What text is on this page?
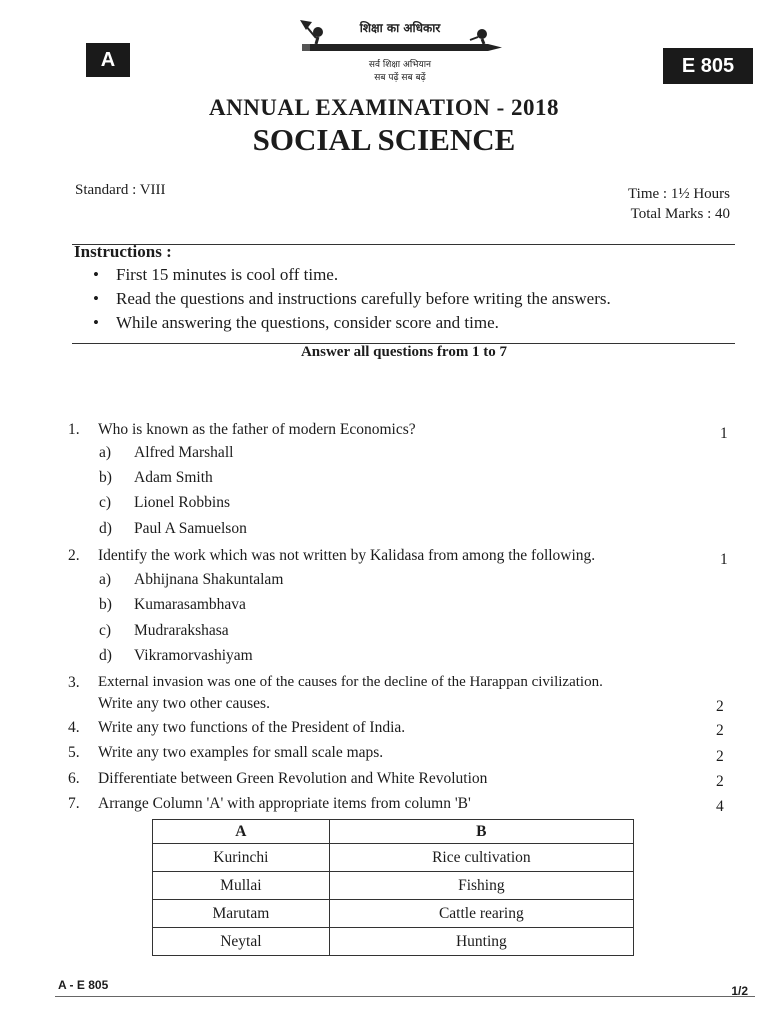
A	E 805
शिक्षा का अधिकार
सर्व शिक्षा अभियान
सब पढ़ें सब बढ़ें
ANNUAL EXAMINATION - 2018
SOCIAL SCIENCE
Standard : VIII	Time : 1½ Hours
Total Marks : 40
Instructions :
• First 15 minutes is cool off time.
• Read the questions and instructions carefully before writing the answers.
• While answering the questions, consider score and time.
Answer all questions from 1 to 7
1. Who is known as the father of modern Economics?	1
a) Alfred Marshall
b) Adam Smith
c) Lionel Robbins
d) Paul A Samuelson
2. Identify the work which was not written by Kalidasa from among the following.	1
a) Abhijnana Shakuntalam
b) Kumarasambhava
c) Mudrarakshasa
d) Vikramorvashiyam
3. External invasion was one of the causes for the decline of the Harappan civilization.
Write any two other causes.	2
4. Write any two functions of the President of India.	2
5. Write any two examples for small scale maps.	2
6. Differentiate between Green Revolution and White Revolution	2
7. Arrange Column 'A' with appropriate items from column 'B'	4
A	B
Kurinchi	Rice cultivation
Mullai	Fishing
Marutam	Cattle rearing
Neytal	Hunting
A - E 805	1/2
